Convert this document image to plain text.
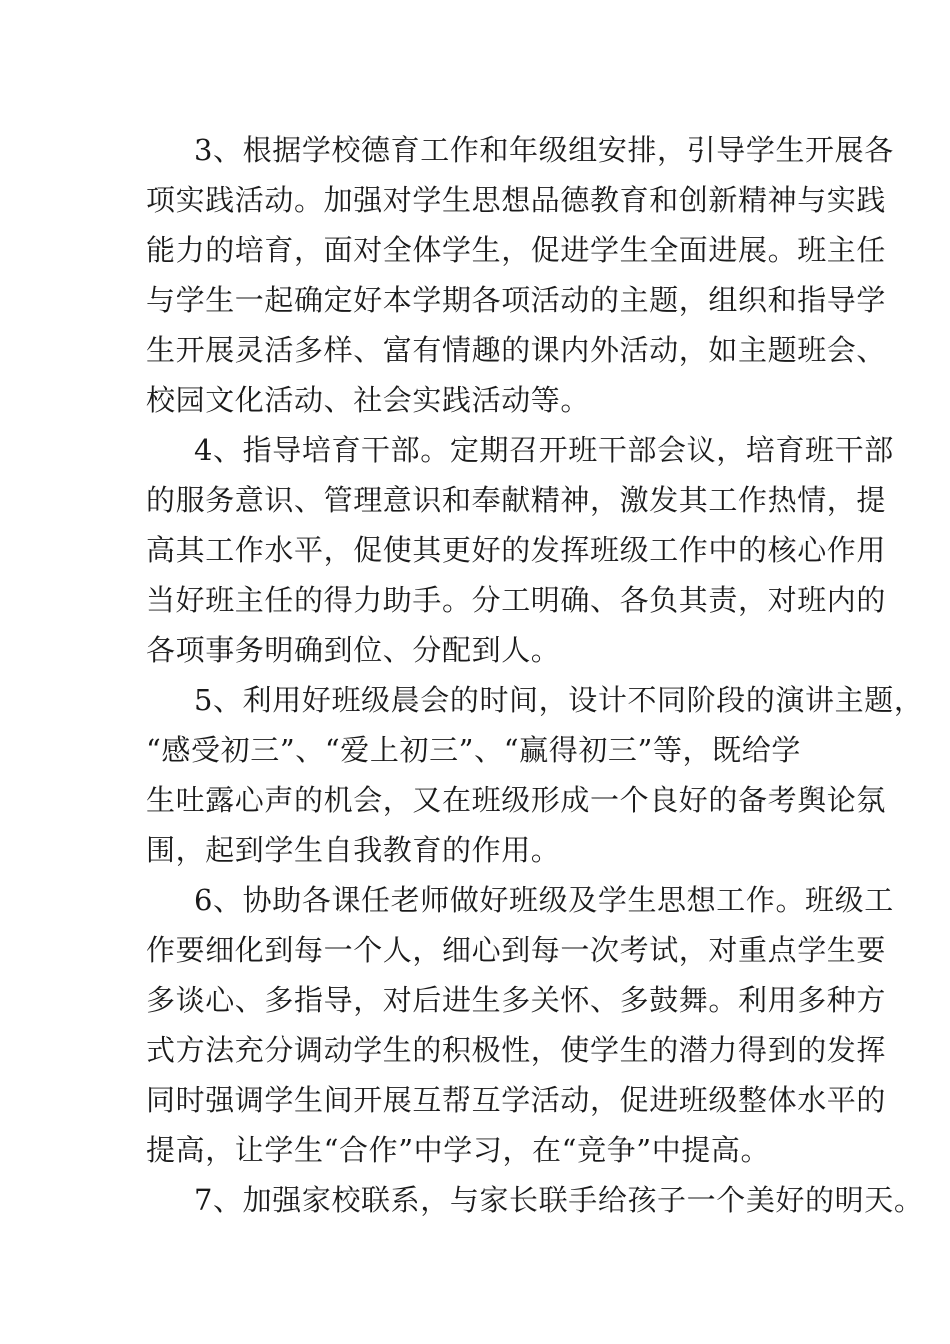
3、根据学校德育工作和年级组安排，引导学生开展各

项实践活动。加强对学生思想品德教育和创新精神与实践

能力的培育，面对全体学生，促进学生全面进展。班主任

与学生一起确定好本学期各项活动的主题，组织和指导学

生开展灵活多样、富有情趣的课内外活动，如主题班会、

校园文化活动、社会实践活动等。

4、指导培育干部。定期召开班干部会议，培育班干部

的服务意识、管理意识和奉献精神，激发其工作热情，提

高其工作水平，促使其更好的发挥班级工作中的核心作用

当好班主任的得力助手。分工明确、各负其责，对班内的

各项事务明确到位、分配到人。

5、利用好班级晨会的时间，设计不同阶段的演讲主题，

“感受初三”、“爱上初三”、“赢得初三”等，既给学

生吐露心声的机会，又在班级形成一个良好的备考舆论氛

围，起到学生自我教育的作用。

6、协助各课任老师做好班级及学生思想工作。班级工

作要细化到每一个人，细心到每一次考试，对重点学生要

多谈心、多指导，对后进生多关怀、多鼓舞。利用多种方

式方法充分调动学生的积极性，使学生的潜力得到的发挥

同时强调学生间开展互帮互学活动，促进班级整体水平的

提高，让学生“合作”中学习，在“竞争”中提高。

7、加强家校联系，与家长联手给孩子一个美好的明天。
